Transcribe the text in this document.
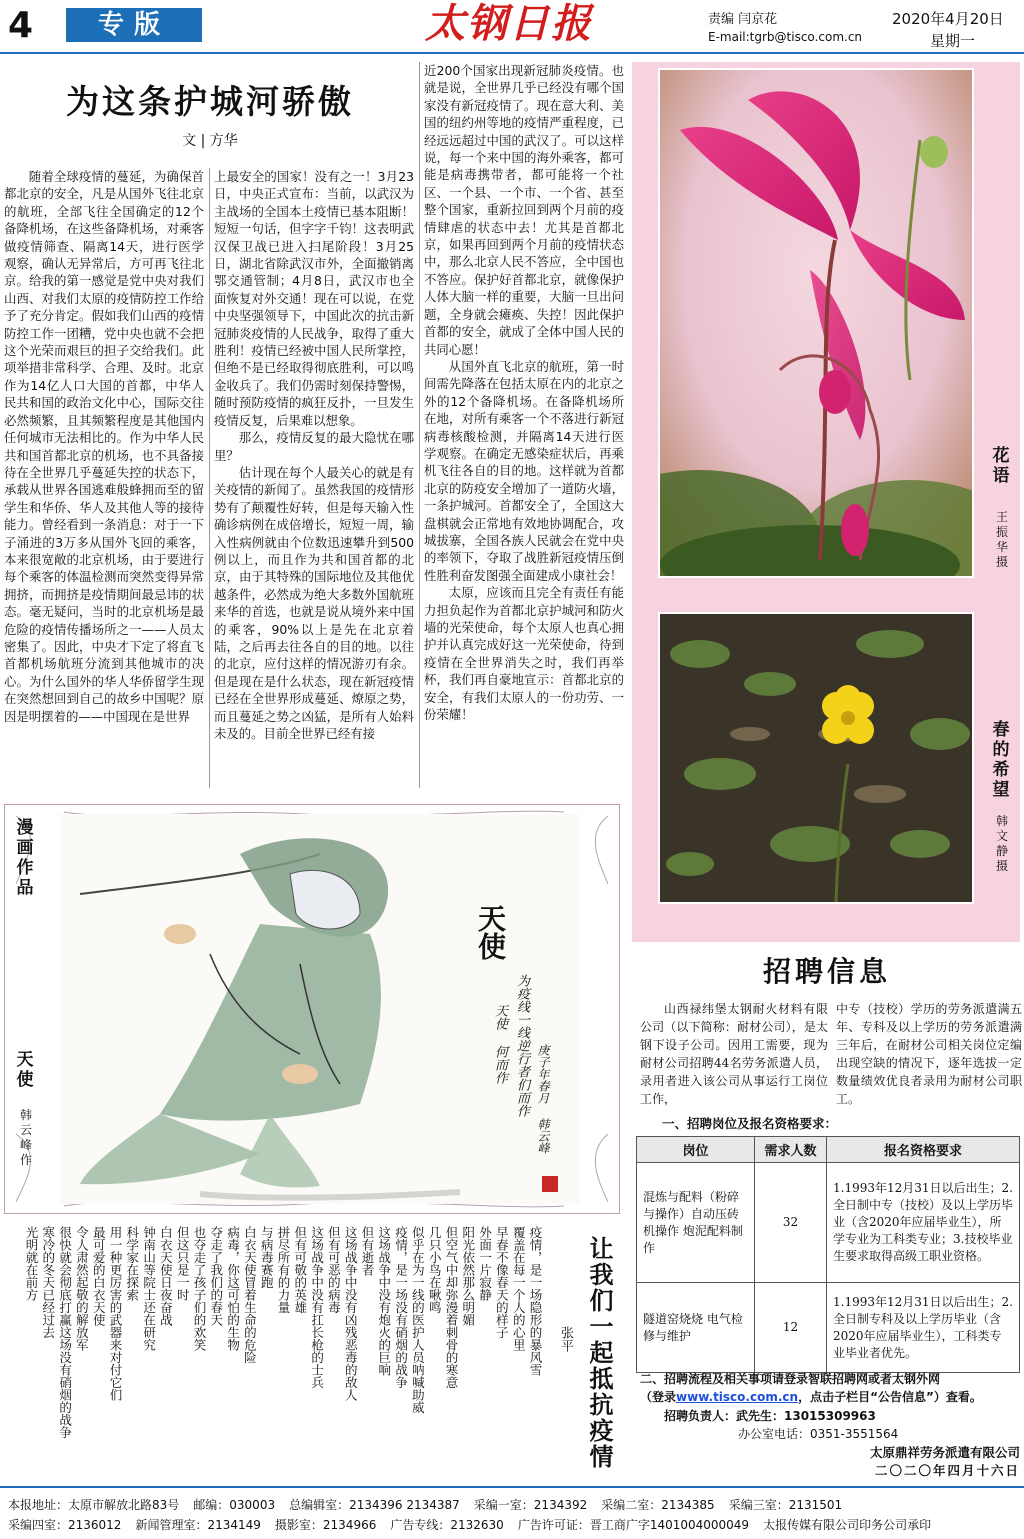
4	专版	太钢日报	责编 闫京花
E-mail:tgrb@tisco.com.cn
2020年4月20日
星期一
为这条护城河骄傲
文 | 方华

随着全球疫情的蔓延，为确保首都北京的安全，凡是从国外飞往北京的航班，全部飞往全国确定的12个备降机场，在这些备降机场，对乘客做疫情筛查、隔离14天，进行医学观察，确认无异常后，方可再飞往北京。给我的第一感觉是党中央对我们山西、对我们太原的疫情防控工作给予了充分肯定。假如我们山西的疫情防控工作一团糟，党中央也就不会把这个光荣而艰巨的担子交给我们。此项举措非常科学、合理、及时。北京作为14亿人口大国的首都，中华人民共和国的政治文化中心，国际交往必然频繁，且其频繁程度是其他国内任何城市无法相比的。作为中华人民共和国首都北京的机场，也不具备接待在全世界几乎蔓延失控的状态下，承载从世界各国逃难般蜂拥而至的留学生和华侨、华人及其他人等的接待能力。曾经看到一条消息：对于一下子涌进的3万多从国外飞回的乘客，本来很宽敞的北京机场，由于要进行每个乘客的体温检测而突然变得异常拥挤，而拥挤是疫情期间最忌讳的状态。毫无疑问，当时的北京机场是最危险的疫情传播场所之一——人员太密集了。因此，中央才下定了将直飞首都机场航班分流到其他城市的决心。为什么国外的华人华侨留学生现在突然想回到自己的故乡中国呢？原因是明摆着的——中国现在是世界

上最安全的国家！没有之一！3月23日，中央正式宣布：当前，以武汉为主战场的全国本土疫情已基本阻断！短短一句话，但字字千钧！这表明武汉保卫战已进入扫尾阶段！3月25日，湖北省除武汉市外，全面撤销离鄂交通管制；4月8日，武汉市也全面恢复对外交通！现在可以说，在党中央坚强领导下，中国此次的抗击新冠肺炎疫情的人民战争，取得了重大胜利！疫情已经被中国人民所掌控，但绝不是已经取得彻底胜利，可以鸣金收兵了。我们仍需时刻保持警惕，随时预防疫情的疯狂反扑，一旦发生疫情反复，后果难以想象。

那么，疫情反复的最大隐忧在哪里？

估计现在每个人最关心的就是有关疫情的新闻了。虽然我国的疫情形势有了颠覆性好转，但是每天输入性确诊病例在成倍增长，短短一周，输入性病例就由个位数迅速攀升到500例以上，而且作为共和国首都的北京，由于其特殊的国际地位及其他优越条件，必然成为绝大多数外国航班来华的首选，也就是说从境外来中国的乘客，90%以上是先在北京着陆，之后再去往各自的目的地。以往的北京，应付这样的情况游刃有余。但是现在是什么状态，现在新冠疫情已经在全世界形成蔓延、燎原之势，而且蔓延之势之凶猛，是所有人始料未及的。目前全世界已经有接

近200个国家出现新冠肺炎疫情。也就是说，全世界几乎已经没有哪个国家没有新冠疫情了。现在意大利、美国的纽约州等地的疫情严重程度，已经远远超过中国的武汉了。可以这样说，每一个来中国的海外乘客，都可能是病毒携带者，都可能将一个社区、一个县、一个市、一个省、甚至整个国家，重新拉回到两个月前的疫情肆虐的状态中去！尤其是首都北京，如果再回到两个月前的疫情状态中，那么北京人民不答应，全中国也不答应。保护好首都北京，就像保护人体大脑一样的重要，大脑一旦出问题，全身就会瘫痪、失控！因此保护首都的安全，就成了全体中国人民的共同心愿！

从国外直飞北京的航班，第一时间需先降落在包括太原在内的北京之外的12个备降机场。在备降机场所在地，对所有乘客一个不落进行新冠病毒核酸检测，并隔离14天进行医学观察。在确定无感染症状后，再乘机飞往各自的目的地。这样就为首都北京的防疫安全增加了一道防火墙，一条护城河。首都安全了，全国这大盘棋就会正常地有效地协调配合，攻城拔寨，全国各族人民就会在党中央的率领下，夺取了战胜新冠疫情压倒性胜利奋发图强全面建成小康社会！

太原，应该而且完全有责任有能力担负起作为首都北京护城河和防火墙的光荣使命，每个太原人也真心拥护并认真完成好这一光荣使命，待到疫情在全世界消失之时，我们再举杯，我们再自豪地宣示：首都北京的安全，有我们太原人的一份功劳、一份荣耀！

花语
王振华 摄
春的希望
韩文静 摄
漫画作品
天使
韩云峰 作
天使
为疫线一线逆行者们而作
天使 何而作 庚子年春月 韩云峰
让我们一起抵抗疫情
张平
疫情，是一场隐形的暴风雪
覆盖在每一个人的心里
早春不像春天的样子
外面一片寂静
阳光依然那么明媚
但空气中却弥漫着刺骨的寒意
几只小鸟在啾鸣
似乎在为一线的医护人员呐喊助威
疫情，是一场没有硝烟的战争
这场战争中没有炮火的巨响
但有逝者
这场战争中没有凶残恶毒的敌人
但有可恶的病毒
这场战争中没有扛长枪的士兵
但有可敬的英雄
拼尽所有的力量
与病毒赛跑
白衣天使冒着生命的危险
病毒，你这可怕的生物
夺走了我们的春天
也夺走了孩子们的欢笑
但这只是一时
白衣天使日夜奋战
钟南山等院士还在研究
科学家在探索
用一种更厉害的武器来对付它们
最可爱的白衣天使
令人肃然起敬的解放军
很快就会彻底打赢这场没有硝烟的战争
寒冷的冬天已经过去
光明就在前方
招聘信息
山西禄纬堡太钢耐火材料有限公司（以下简称：耐材公司），是太钢下设子公司。因用工需要，现为耐材公司招聘44名劳务派遣人员，录用者进入该公司从事运行工岗位工作，
中专（技校）学历的劳务派遣满五年、专科及以上学历的劳务派遣满三年后，在耐材公司相关岗位定编出现空缺的情况下，逐年选拔一定数量绩效优良者录用为耐材公司职工。
一、招聘岗位及报名资格要求：
岗位	需求人数	报名资格要求
混炼与配料（粉碎与操作）自动压砖机操作 炮泥配料制作	32	1.1993年12月31日以后出生；2.全日制中专（技校）及以上学历毕业（含2020年应届毕业生），所学专业为工科类专业；3.技校毕业生要求取得高级工职业资格。
隧道窑烧烧 电气检修与维护	12	1.1993年12月31日以后出生；2.全日制专科及以上学历毕业（含2020年应届毕业生），工科类专业毕业者优先。
二、招聘流程及相关事项请登录智联招聘网或者太钢外网
（登录www.tisco.com.cn，点击子栏目“公告信息”）查看。
招聘负责人：武先生：13015309963
办公室电话：0351-3551564
太原鼎祥劳务派遣有限公司
二〇二〇年四月十六日
本报地址：太原市解放北路83号 邮编：030003 总编辑室：2134396 2134387 采编一室：2134392 采编二室：2134385 采编三室：2131501
采编四室：2136012 新闻管理室：2134149 摄影室：2134966 广告专线：2132630 广告许可证：晋工商广字1401004000049 太报传媒有限公司印务公司承印
